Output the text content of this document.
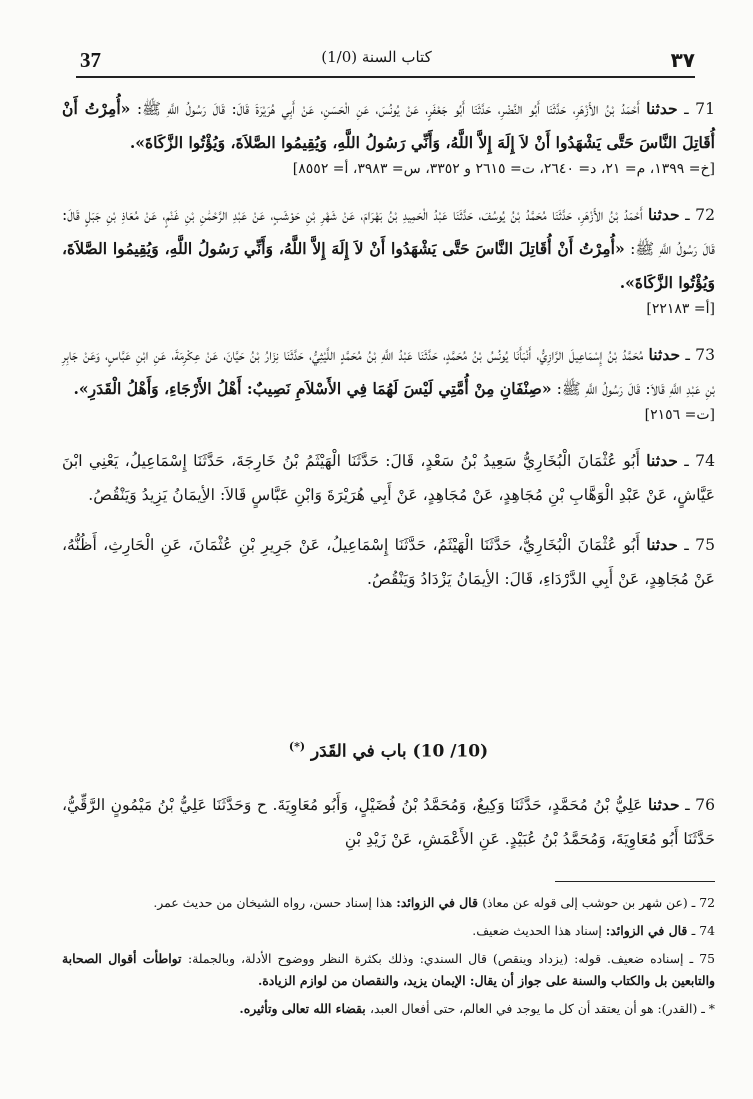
37	(1/0) كتاب السنة	٣٧

71 ـ حدثنا أَحْمَدُ بْنُ الأَزْهَرِ، حَدَّثَنَا أَبُو النَّضْرِ، حَدَّثَنَا أَبُو جَعْفَرٍ، عَنْ يُونُسَ، عَنِ الْحَسَنِ، عَنْ أَبِي هُرَيْرَةَ قَالَ: قَالَ رَسُولُ اللَّهِ ﷺ: «أُمِرْتُ أَنْ أُقَاتِلَ النَّاسَ حَتَّى يَشْهَدُوا أَنْ لاَ إِلَهَ إِلاَّ اللَّهُ، وَأَنِّي رَسُولُ اللَّهِ، وَيُقِيمُوا الصَّلاَةَ، وَيُؤْتُوا الزَّكَاةَ».
[خ= ١٣٩٩، م= ٢١، د= ٢٦٤٠، ت= ٢٦١٥ و ٣٣٥٢، س= ٣٩٨٣، أ= ٨٥٥٢]

72 ـ حدثنا أَحْمَدُ بْنُ الأَزْهَرِ، حَدَّثَنَا مُحَمَّدُ بْنُ يُوسُفَ، حَدَّثَنَا عَبْدُ الْحَمِيدِ بْنُ بَهْرَامَ، عَنْ شَهْرِ بْنِ حَوْشَبٍ، عَنْ عَبْدِ الرَّحْمَٰنِ بْنِ غَنْمٍ، عَنْ مُعَاذِ بْنِ جَبَلٍ قَالَ: قَالَ رَسُولُ اللَّهِ ﷺ: «أُمِرْتُ أَنْ أُقَاتِلَ النَّاسَ حَتَّى يَشْهَدُوا أَنْ لاَ إِلَهَ إِلاَّ اللَّهُ، وَأَنِّي رَسُولُ اللَّهِ، وَيُقِيمُوا الصَّلاَةَ، وَيُؤْتُوا الزَّكَاةَ».
[أ= ٢٢١٨٣]

73 ـ حدثنا مُحَمَّدُ بْنُ إِسْمَاعِيلَ الرَّازِيُّ، أَنْبَأَنَا يُونُسُ بْنُ مُحَمَّدٍ، حَدَّثَنَا عَبْدُ اللَّهِ بْنُ مُحَمَّدٍ اللَّيْثِيُّ، حَدَّثَنَا نِزَارُ بْنُ حَيَّانَ، عَنْ عِكْرِمَةَ، عَنِ ابْنِ عَبَّاسٍ، وَعَنْ جَابِرِ بْنِ عَبْدِ اللَّهِ قَالاَ: قَالَ رَسُولُ اللَّهِ ﷺ: «صِنْفَانِ مِنْ أُمَّتِي لَيْسَ لَهُمَا فِي الأَسْلاَمِ نَصِيبٌ: أَهْلُ الأَرْجَاءِ، وَأَهْلُ الْقَدَرِ».
[ت= ٢١٥٦]

74 ـ حدثنا أَبُو عُثْمَانَ الْبُخَارِيُّ سَعِيدُ بْنُ سَعْدٍ، قَالَ: حَدَّثَنَا الْهَيْثَمُ بْنُ خَارِجَةَ، حَدَّثَنَا إِسْمَاعِيلُ، يَعْنِي ابْنَ عَيَّاشٍ، عَنْ عَبْدِ الْوَهَّابِ بْنِ مُجَاهِدٍ، عَنْ مُجَاهِدٍ، عَنْ أَبِي هُرَيْرَةَ وَابْنِ عَبَّاسٍ قَالاَ: الأِيمَانُ يَزِيدُ وَيَنْقُصُ.

75 ـ حدثنا أَبُو عُثْمَانَ الْبُخَارِيُّ، حَدَّثَنَا الْهَيْثَمُ، حَدَّثَنَا إِسْمَاعِيلُ، عَنْ جَرِيرِ بْنِ عُثْمَانَ، عَنِ الْحَارِثِ، أَظُنُّهُ، عَنْ مُجَاهِدٍ، عَنْ أَبِي الدَّرْدَاءِ، قَالَ: الأِيمَانُ يَزْدَادُ وَيَنْقُصُ.

(10/ 10) باب في القَدَر (*)

76 ـ حدثنا عَلِيُّ بْنُ مُحَمَّدٍ، حَدَّثَنَا وَكِيعٌ، وَمُحَمَّدُ بْنُ فُضَيْلٍ، وَأَبُو مُعَاوِيَةَ. ح وَحَدَّثَنَا عَلِيُّ بْنُ مَيْمُونٍ الرَّقِّيُّ، حَدَّثَنَا أَبُو مُعَاوِيَةَ، وَمُحَمَّدُ بْنُ عُبَيْدٍ. عَنِ الأَعْمَشِ، عَنْ زَيْدِ بْنِ

72 ـ (عن شهر بن حوشب إلى قوله عن معاذ) قال في الزوائد: هذا إسناد حسن، رواه الشيخان من حديث عمر.

74 ـ قال في الزوائد: إسناد هذا الحديث ضعيف.

75 ـ إسناده ضعيف. قوله: (يزداد وينقص) قال السندي: وذلك بكثرة النظر ووضوح الأدلة، وبالجملة: تواطأت أقوال الصحابة والتابعين بل والكتاب والسنة على جواز أن يقال: الإيمان يزيد، والنقصان من لوازم الزيادة.

* ـ (القدر): هو أن يعتقد أن كل ما يوجد في العالم، حتى أفعال العبد، بقضاء الله تعالى وتأثيره.
